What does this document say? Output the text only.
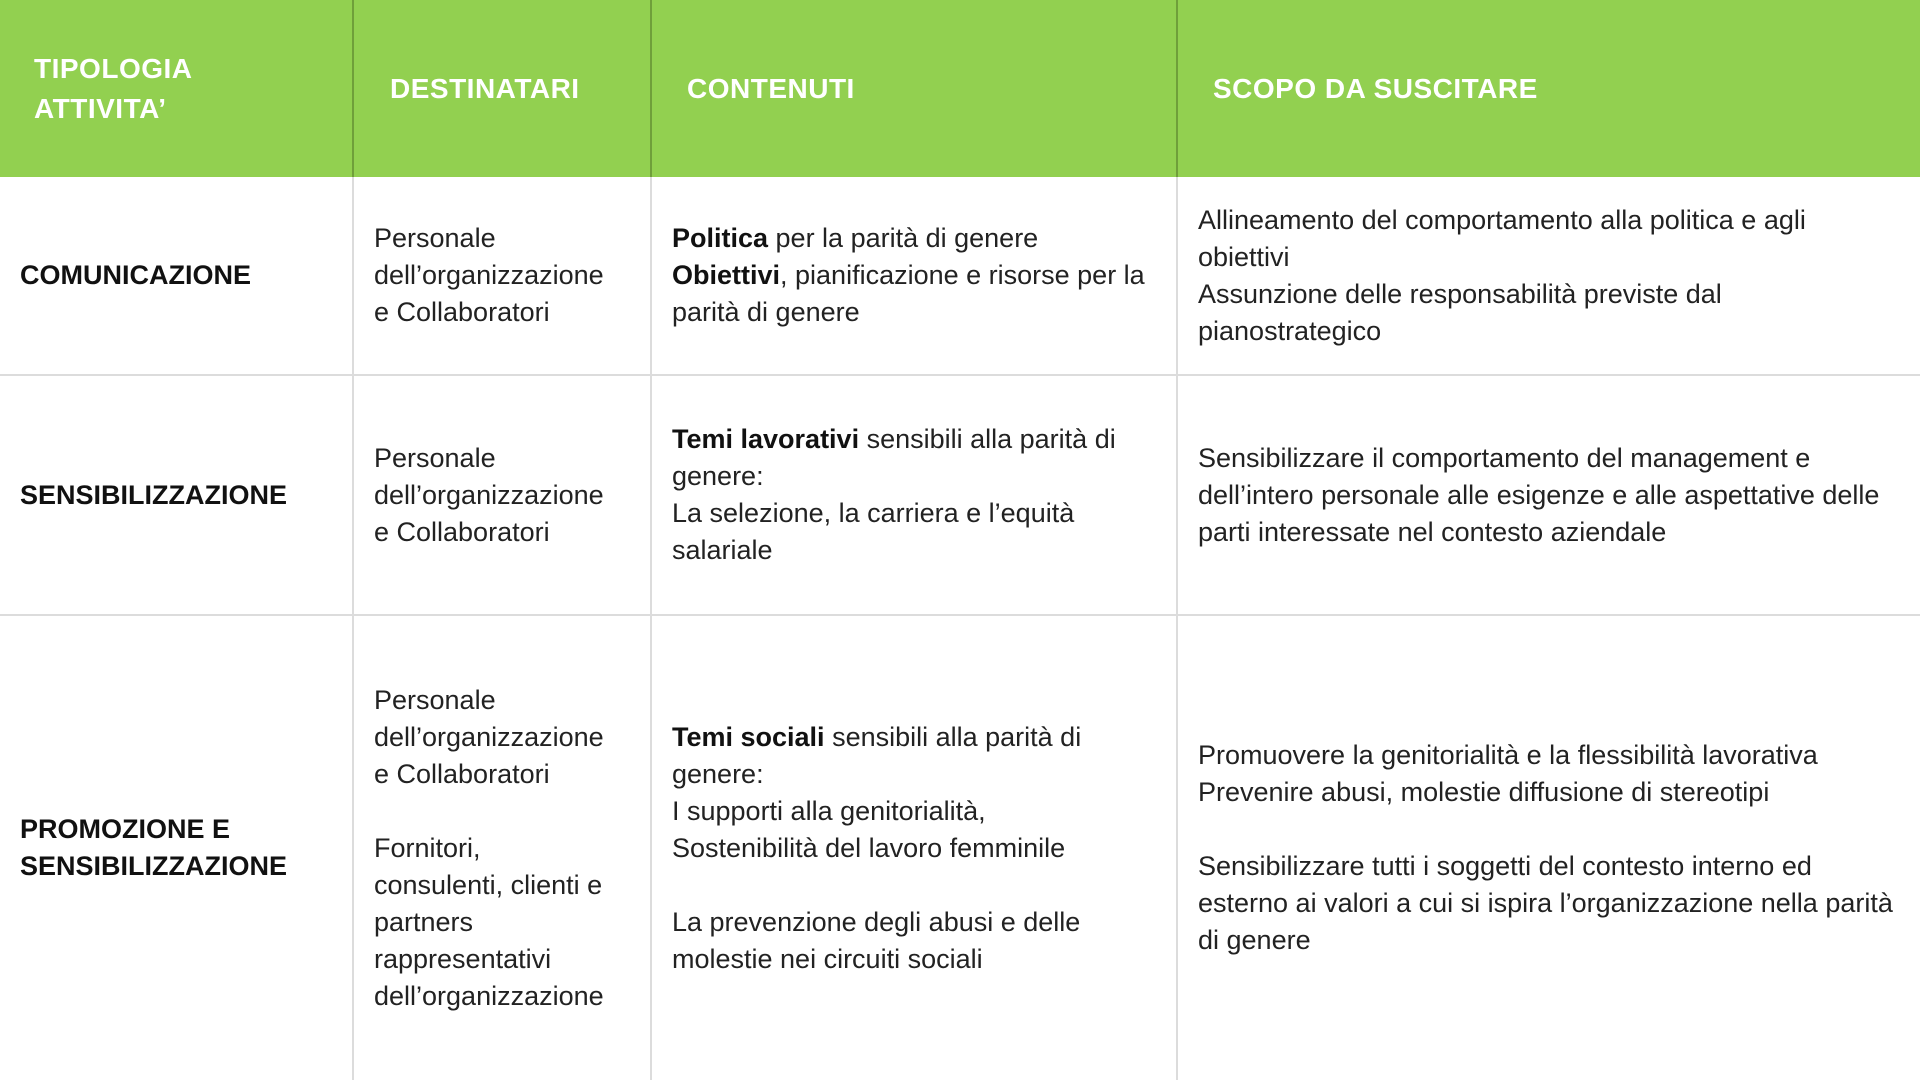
TIPOLOGIA
ATTIVITA’
DESTINATARI	CONTENUTI	SCOPO DA SUSCITARE
COMUNICAZIONE
Personale
dell’organizzazione
e Collaboratori
Politica per la parità di genere
Obiettivi, pianificazione e risorse per la parità di genere
Allineamento del comportamento alla politica e agli obiettivi
Assunzione delle responsabilità previste dal pianostrategico
SENSIBILIZZAZIONE
Personale
dell’organizzazione
e Collaboratori
Temi lavorativi sensibili alla parità di genere:
La selezione, la carriera e l’equità salariale
Sensibilizzare il comportamento del management e dell’intero personale alle esigenze e alle aspettative delle parti interessate nel contesto aziendale
PROMOZIONE E
SENSIBILIZZAZIONE
Personale
dell’organizzazione
e Collaboratori

Fornitori,
consulenti, clienti e
partners
rappresentativi
dell’organizzazione
Temi sociali sensibili alla parità di genere:
I supporti alla genitorialità,
Sostenibilità del lavoro femminile

La prevenzione degli abusi e delle molestie nei circuiti sociali
Promuovere la genitorialità e la flessibilità lavorativa
Prevenire abusi, molestie diffusione di stereotipi

Sensibilizzare tutti i soggetti del contesto interno ed esterno ai valori a cui si ispira l’organizzazione nella parità di genere
